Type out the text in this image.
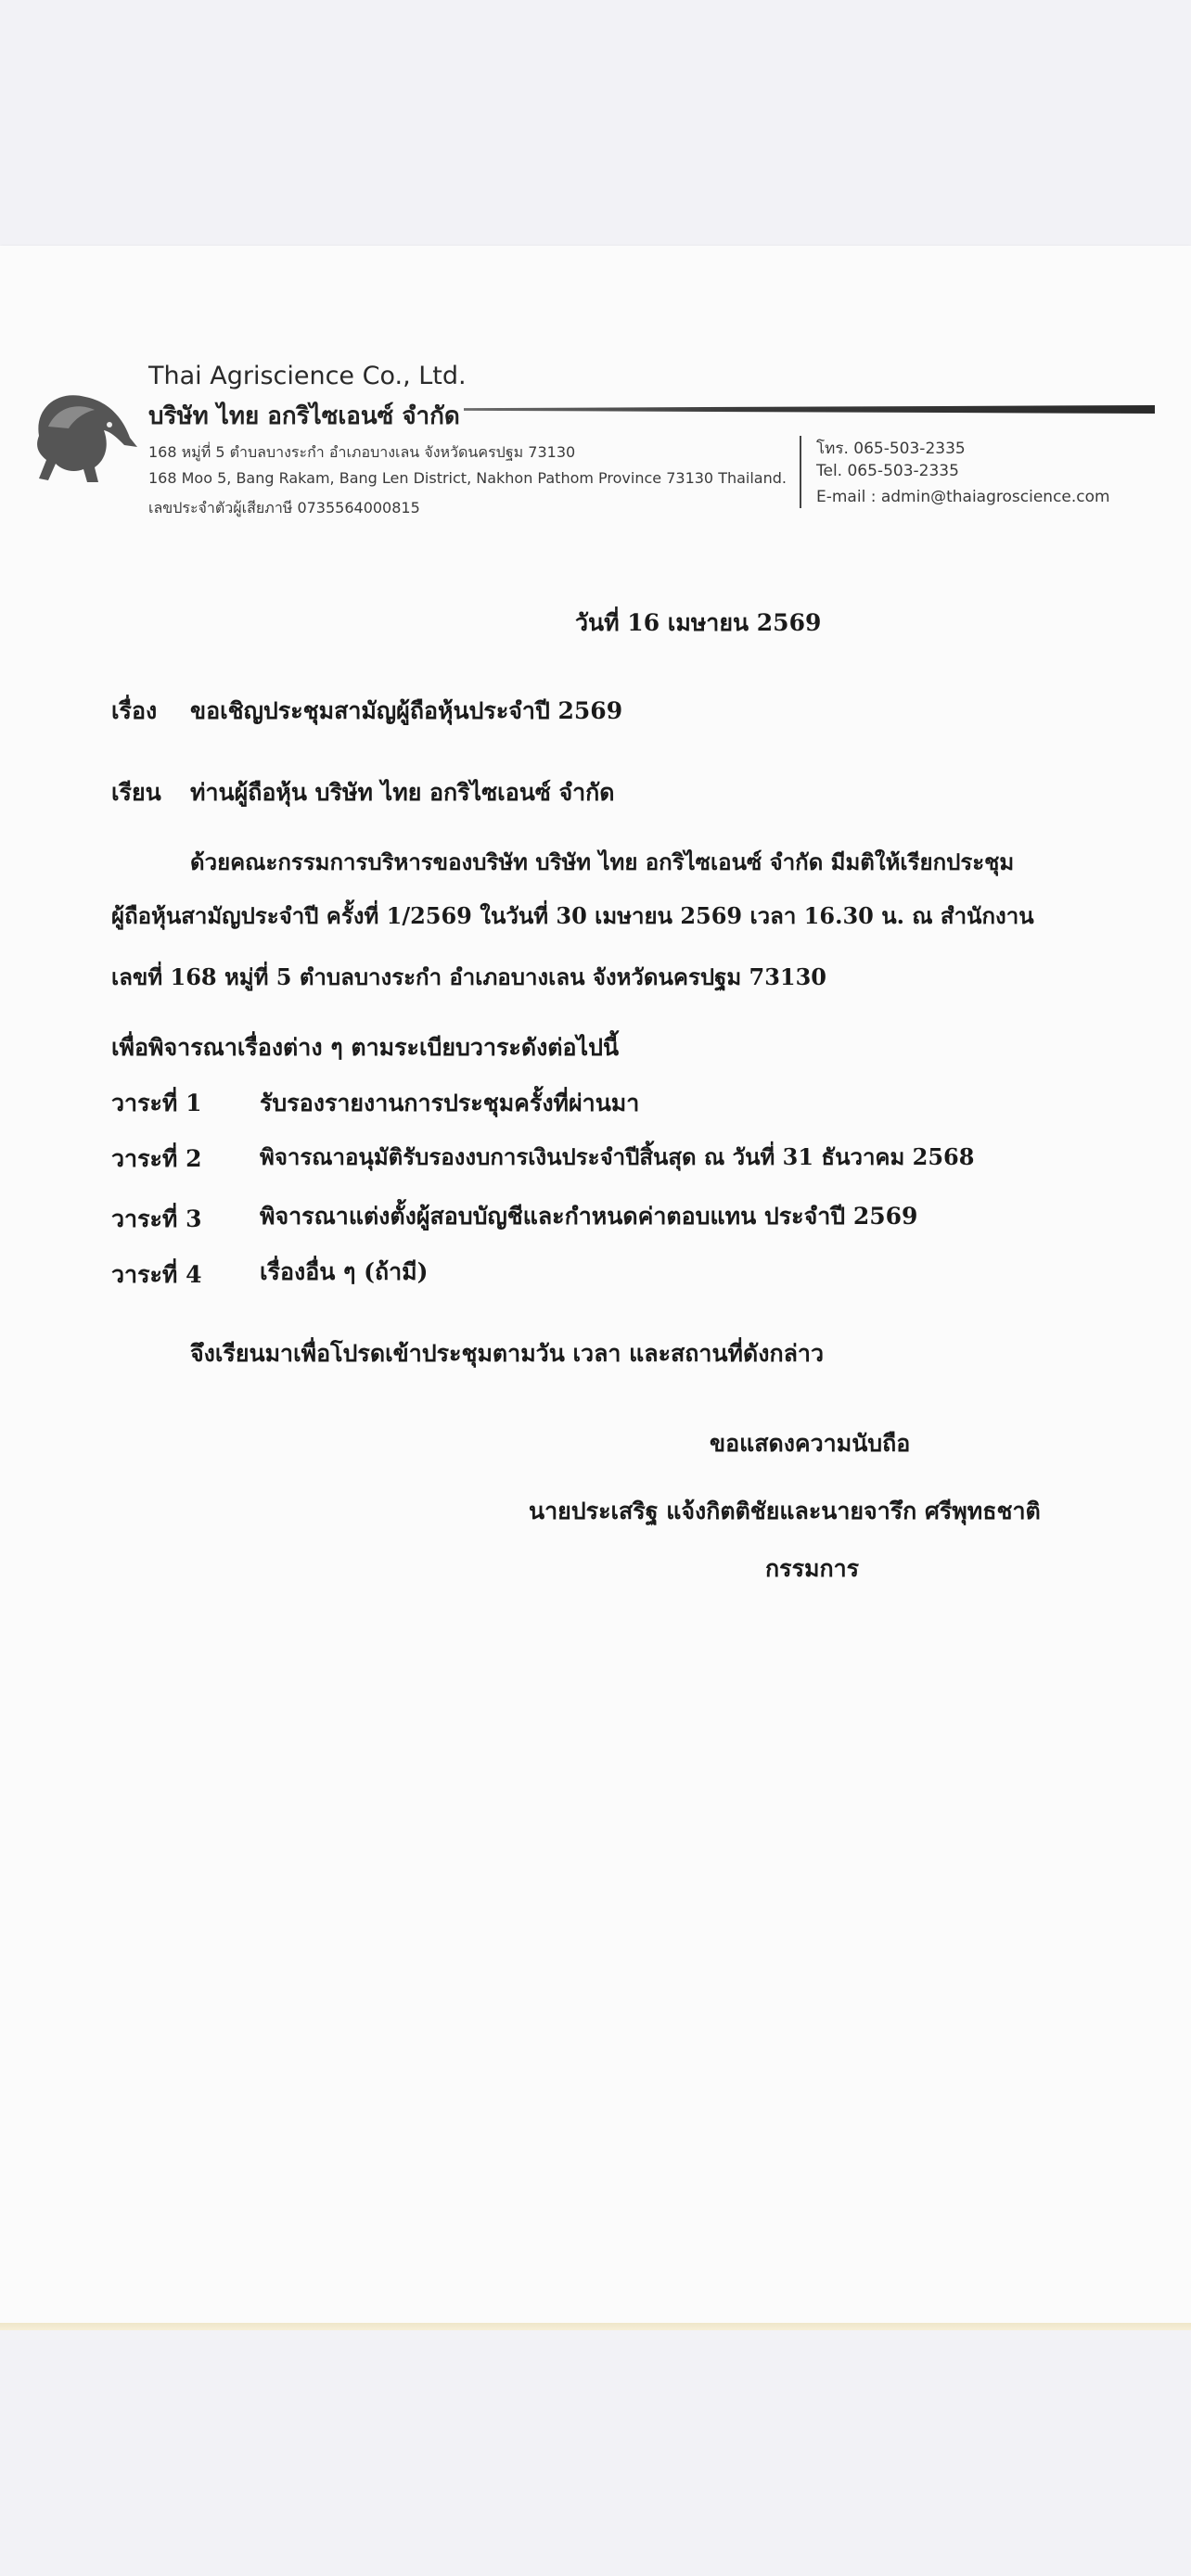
Thai Agriscience Co., Ltd.
บริษัท ไทย อกริไซเอนซ์ จำกัด
168 หมู่ที่ 5 ตำบลบางระกำ อำเภอบางเลน จังหวัดนครปฐม 73130
168 Moo 5, Bang Rakam, Bang Len District, Nakhon Pathom Province 73130 Thailand.
เลขประจำตัวผู้เสียภาษี 0735564000815
โทร. 065-503-2335
Tel. 065-503-2335
E-mail : admin@thaiagroscience.com
วันที่ 16 เมษายน 2569
เรื่อง ขอเชิญประชุมสามัญผู้ถือหุ้นประจำปี 2569
เรียน ท่านผู้ถือหุ้น บริษัท ไทย อกริไซเอนซ์ จำกัด
ด้วยคณะกรรมการบริหารของบริษัท บริษัท ไทย อกริไซเอนซ์ จำกัด มีมติให้เรียกประชุม
ผู้ถือหุ้นสามัญประจำปี ครั้งที่ 1/2569 ในวันที่ 30 เมษายน 2569 เวลา 16.30 น. ณ สำนักงาน
เลขที่ 168 หมู่ที่ 5 ตำบลบางระกำ อำเภอบางเลน จังหวัดนครปฐม 73130
เพื่อพิจารณาเรื่องต่าง ๆ ตามระเบียบวาระดังต่อไปนี้
วาระที่ 1 รับรองรายงานการประชุมครั้งที่ผ่านมา
วาระที่ 2	พิจารณาอนุมัติรับรองงบการเงินประจำปีสิ้นสุด ณ วันที่ 31 ธันวาคม 2568
วาระที่ 3 พิจารณาแต่งตั้งผู้สอบบัญชีและกำหนดค่าตอบแทน ประจำปี 2569
วาระที่ 4 เรื่องอื่น ๆ (ถ้ามี)
จึงเรียนมาเพื่อโปรดเข้าประชุมตามวัน เวลา และสถานที่ดังกล่าว
ขอแสดงความนับถือ
นายประเสริฐ แจ้งกิตติชัยและนายจารึก ศรีพุทธชาติ
กรรมการ
